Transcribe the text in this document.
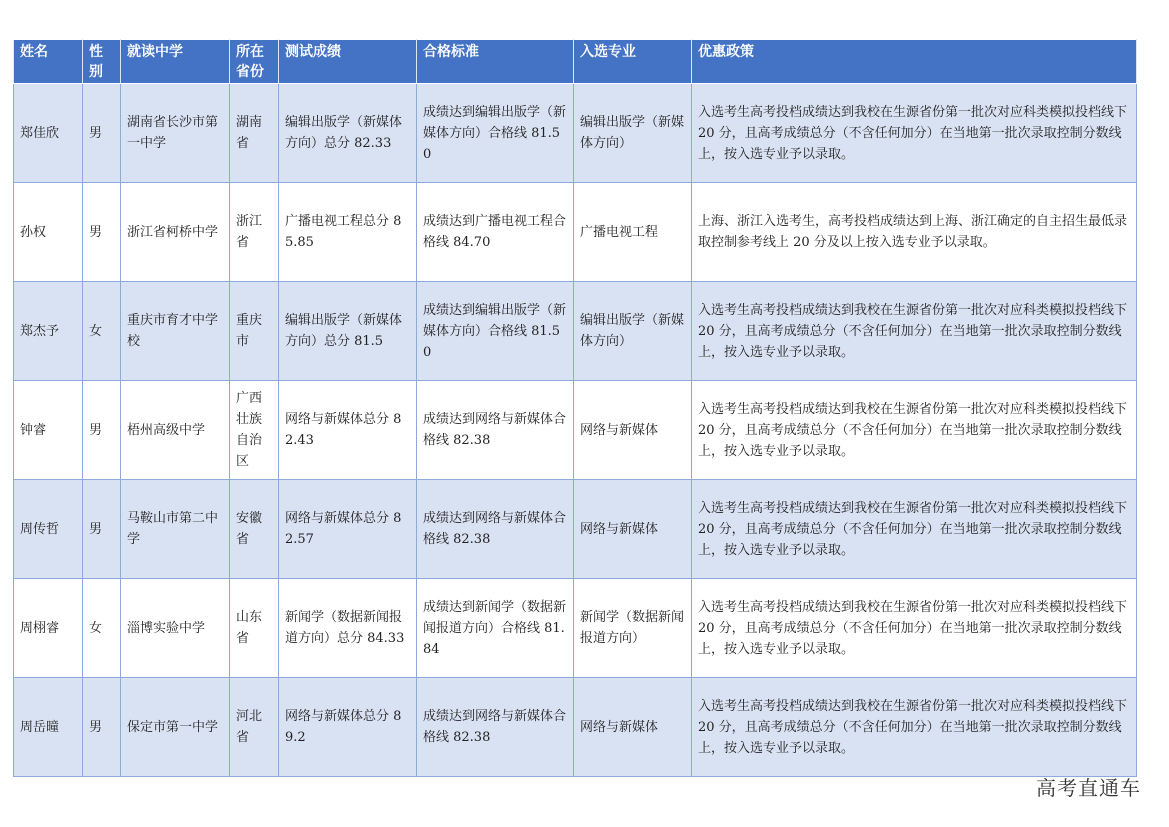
姓名	性别	就读中学	所在省份	测试成绩	合格标准	入选专业	优惠政策
郑佳欣	男	湖南省长沙市第一中学	湖南省	编辑出版学（新媒体方向）总分 82.33	成绩达到编辑出版学（新媒体方向）合格线 81.50	编辑出版学（新媒体方向）	入选考生高考投档成绩达到我校在生源省份第一批次对应科类模拟投档线下 20 分，且高考成绩总分（不含任何加分）在当地第一批次录取控制分数线上，按入选专业予以录取。
孙权	男	浙江省柯桥中学	浙江省	广播电视工程总分 85.85	成绩达到广播电视工程合格线 84.70	广播电视工程	上海、浙江入选考生，高考投档成绩达到上海、浙江确定的自主招生最低录取控制参考线上 20 分及以上按入选专业予以录取。
郑杰予	女	重庆市育才中学校	重庆市	编辑出版学（新媒体方向）总分 81.5	成绩达到编辑出版学（新媒体方向）合格线 81.50	编辑出版学（新媒体方向）	入选考生高考投档成绩达到我校在生源省份第一批次对应科类模拟投档线下 20 分，且高考成绩总分（不含任何加分）在当地第一批次录取控制分数线上，按入选专业予以录取。
钟睿	男	梧州高级中学	广西壮族自治区	网络与新媒体总分 82.43	成绩达到网络与新媒体合格线 82.38	网络与新媒体	入选考生高考投档成绩达到我校在生源省份第一批次对应科类模拟投档线下 20 分，且高考成绩总分（不含任何加分）在当地第一批次录取控制分数线上，按入选专业予以录取。
周传哲	男	马鞍山市第二中学	安徽省	网络与新媒体总分 82.57	成绩达到网络与新媒体合格线 82.38	网络与新媒体	入选考生高考投档成绩达到我校在生源省份第一批次对应科类模拟投档线下 20 分，且高考成绩总分（不含任何加分）在当地第一批次录取控制分数线上，按入选专业予以录取。
周栩睿	女	淄博实验中学	山东省	新闻学（数据新闻报道方向）总分 84.33	成绩达到新闻学（数据新闻报道方向）合格线 81.84	新闻学（数据新闻报道方向）	入选考生高考投档成绩达到我校在生源省份第一批次对应科类模拟投档线下 20 分，且高考成绩总分（不含任何加分）在当地第一批次录取控制分数线上，按入选专业予以录取。
周岳曈	男	保定市第一中学	河北省	网络与新媒体总分 89.2	成绩达到网络与新媒体合格线 82.38	网络与新媒体	入选考生高考投档成绩达到我校在生源省份第一批次对应科类模拟投档线下 20 分，且高考成绩总分（不含任何加分）在当地第一批次录取控制分数线上，按入选专业予以录取。
高考直通车
